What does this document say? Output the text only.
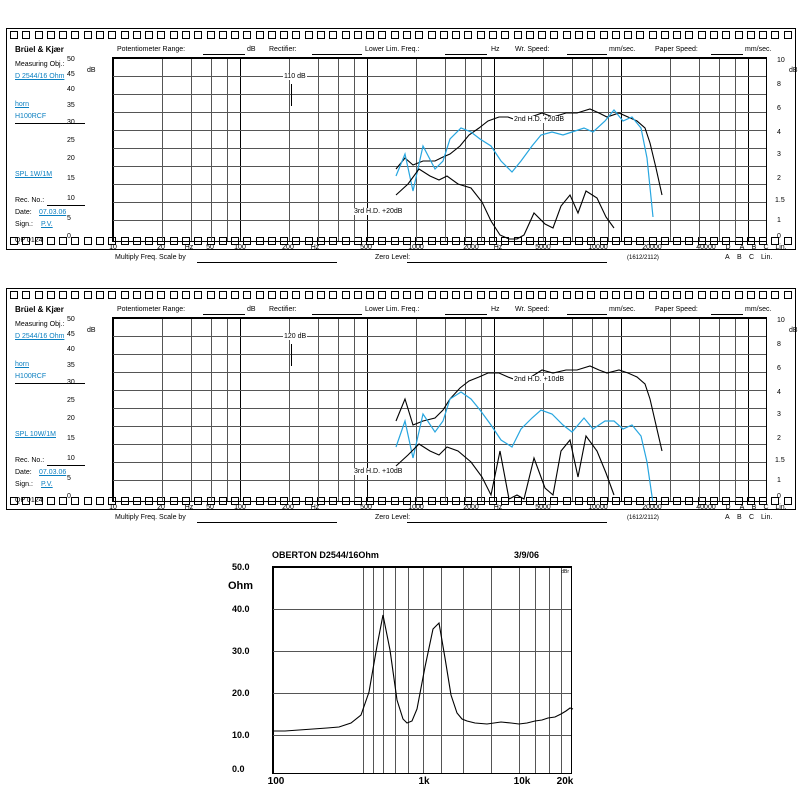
Brüel & Kjær	Potentiometer Range:	dB Rectifier:	Lower Lim. Freq.:	Hz Wr. Speed:	mm/sec.	Paper Speed:	mm/sec.
Measuring Obj.:
D 2544/16 Ohm
horn
H100RCF
SPL 1W/1M
Rec. No.:
Date: 07.03.06
Sign.: P.V.
QP 0124
50
45
40
35
30
25
20
15
10
5
0
dB
10
8
6
4
3
2
1.5
1
0
dB
2nd H.D. +20dB
3rd H.D. +20dB
110 dB
10	20	Hz	50	100	200	Hz	500	1000	2000	Hz	5000	10000	20000	40000	D	A	B	C Lin.
Multiply Freq. Scale by	Zero Level:	(1612/2112)	A B C Lin.
Brüel & Kjær	Potentiometer Range:	dB Rectifier:	Lower Lim. Freq.:	Hz Wr. Speed:	mm/sec.	Paper Speed:	mm/sec.
Measuring Obj.:
D 2544/16 Ohm
horn
H100RCF
SPL 10W/1M
Rec. No.:
Date: 07.03.06
Sign.: P.V.
QP 0124
50
45
40
35
30
25
20
15
10
5
0
dB
10
8
6
4
3
2
1.5
1
0
dB
2nd H.D. +10dB
3rd H.D. +10dB
120 dB
10	20	Hz	50	100	200	Hz	500	1000	2000	Hz	5000	10000	20000	40000	D	A	B	C Lin.
Multiply Freq. Scale by	Zero Level:	(1612/2112)	A B C Lin.
OBERTON D2544/16Ohm	3/9/06
Ohm
50.0
40.0
30.0
20.0
10.0
0.0
dBr
100	1k	10k	20k
